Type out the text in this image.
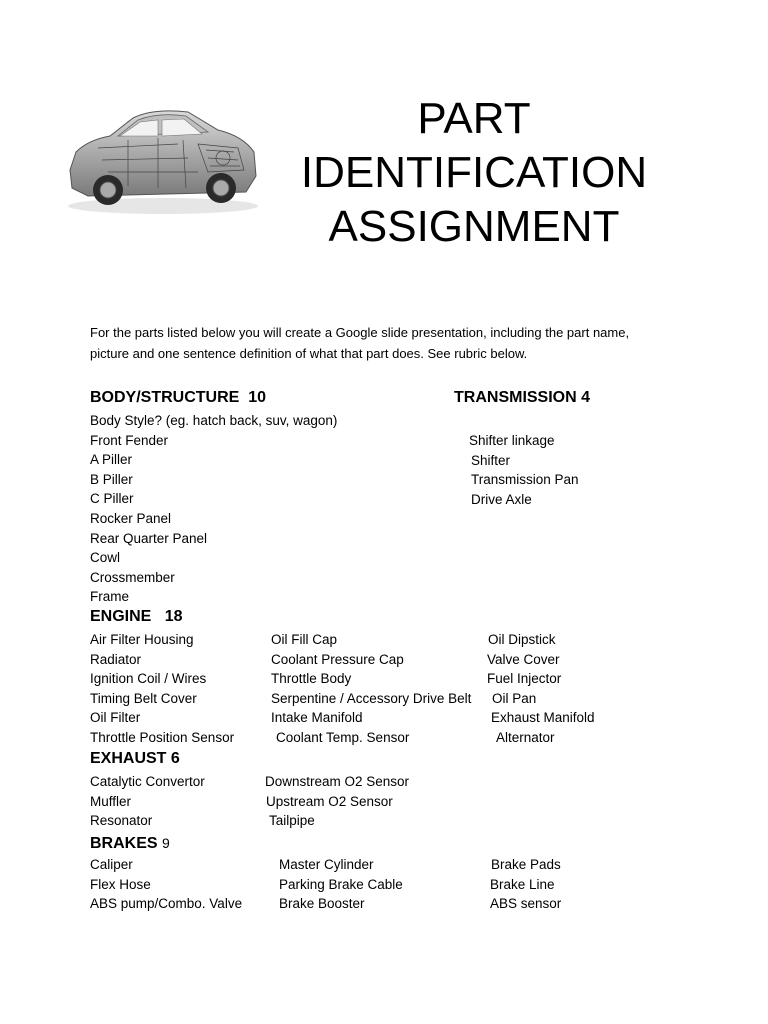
PART
IDENTIFICATION
ASSIGNMENT
For the parts listed below you will create a Google slide presentation, including the part name,
picture and one sentence definition of what that part does. See rubric below.
BODY/STRUCTURE 10
Body Style? (eg. hatch back, suv, wagon)
Front Fender
A Piller
B Piller
C Piller
Rocker Panel
Rear Quarter Panel
Cowl
Crossmember
Frame
TRANSMISSION 4
Shifter linkage
Shifter
Transmission Pan
Drive Axle
ENGINE 18
Air Filter Housing
Radiator
Ignition Coil / Wires
Timing Belt Cover
Oil Filter
Throttle Position Sensor
Oil Fill Cap
Coolant Pressure Cap
Throttle Body
Serpentine / Accessory Drive Belt
Intake Manifold
Coolant Temp. Sensor
Oil Dipstick
Valve Cover
Fuel Injector
Oil Pan
Exhaust Manifold
Alternator
EXHAUST 6
Catalytic Convertor
Muffler
Resonator
Downstream O2 Sensor
Upstream O2 Sensor
Tailpipe
BRAKES 9
Caliper
Flex Hose
ABS pump/Combo. Valve
Master Cylinder
Parking Brake Cable
Brake Booster
Brake Pads
Brake Line
ABS sensor
